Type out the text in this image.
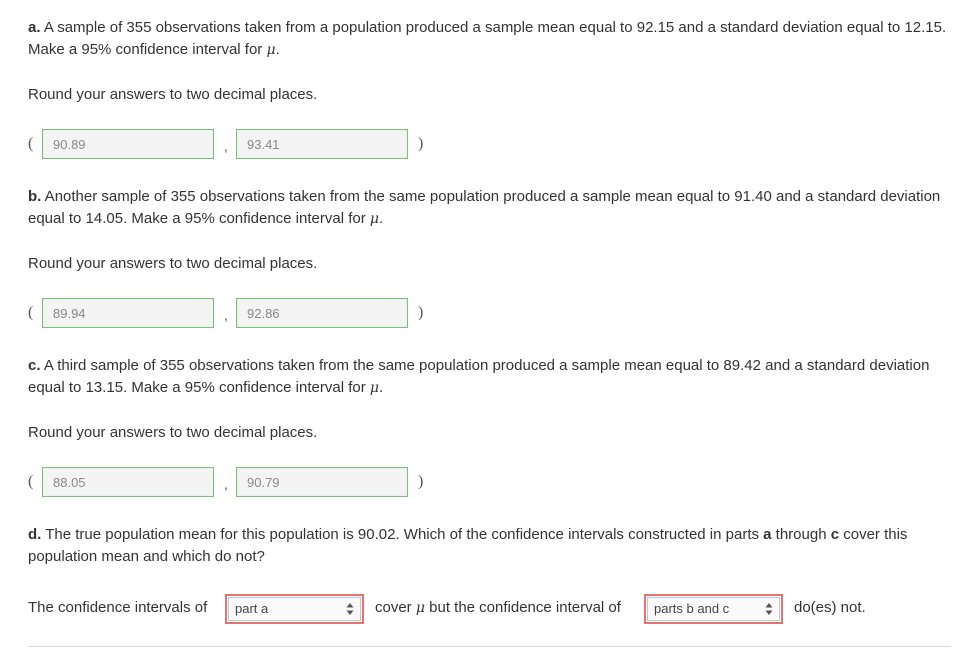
a. A sample of 355 observations taken from a population produced a sample mean equal to 92.15 and a standard deviation equal to 12.15. Make a 95% confidence interval for μ.
Round your answers to two decimal places.
(	90.89	,	93.41	)
b. Another sample of 355 observations taken from the same population produced a sample mean equal to 91.40 and a standard deviation equal to 14.05. Make a 95% confidence interval for μ.
Round your answers to two decimal places.
(	89.94	,	92.86	)
c. A third sample of 355 observations taken from the same population produced a sample mean equal to 89.42 and a standard deviation equal to 13.15. Make a 95% confidence interval for μ.
Round your answers to two decimal places.
(	88.05	,	90.79	)
d. The true population mean for this population is 90.02. Which of the confidence intervals constructed in parts a through c cover this population mean and which do not?
The confidence intervals of	part a	cover μ but the confidence interval of	parts b and c	do(es) not.
